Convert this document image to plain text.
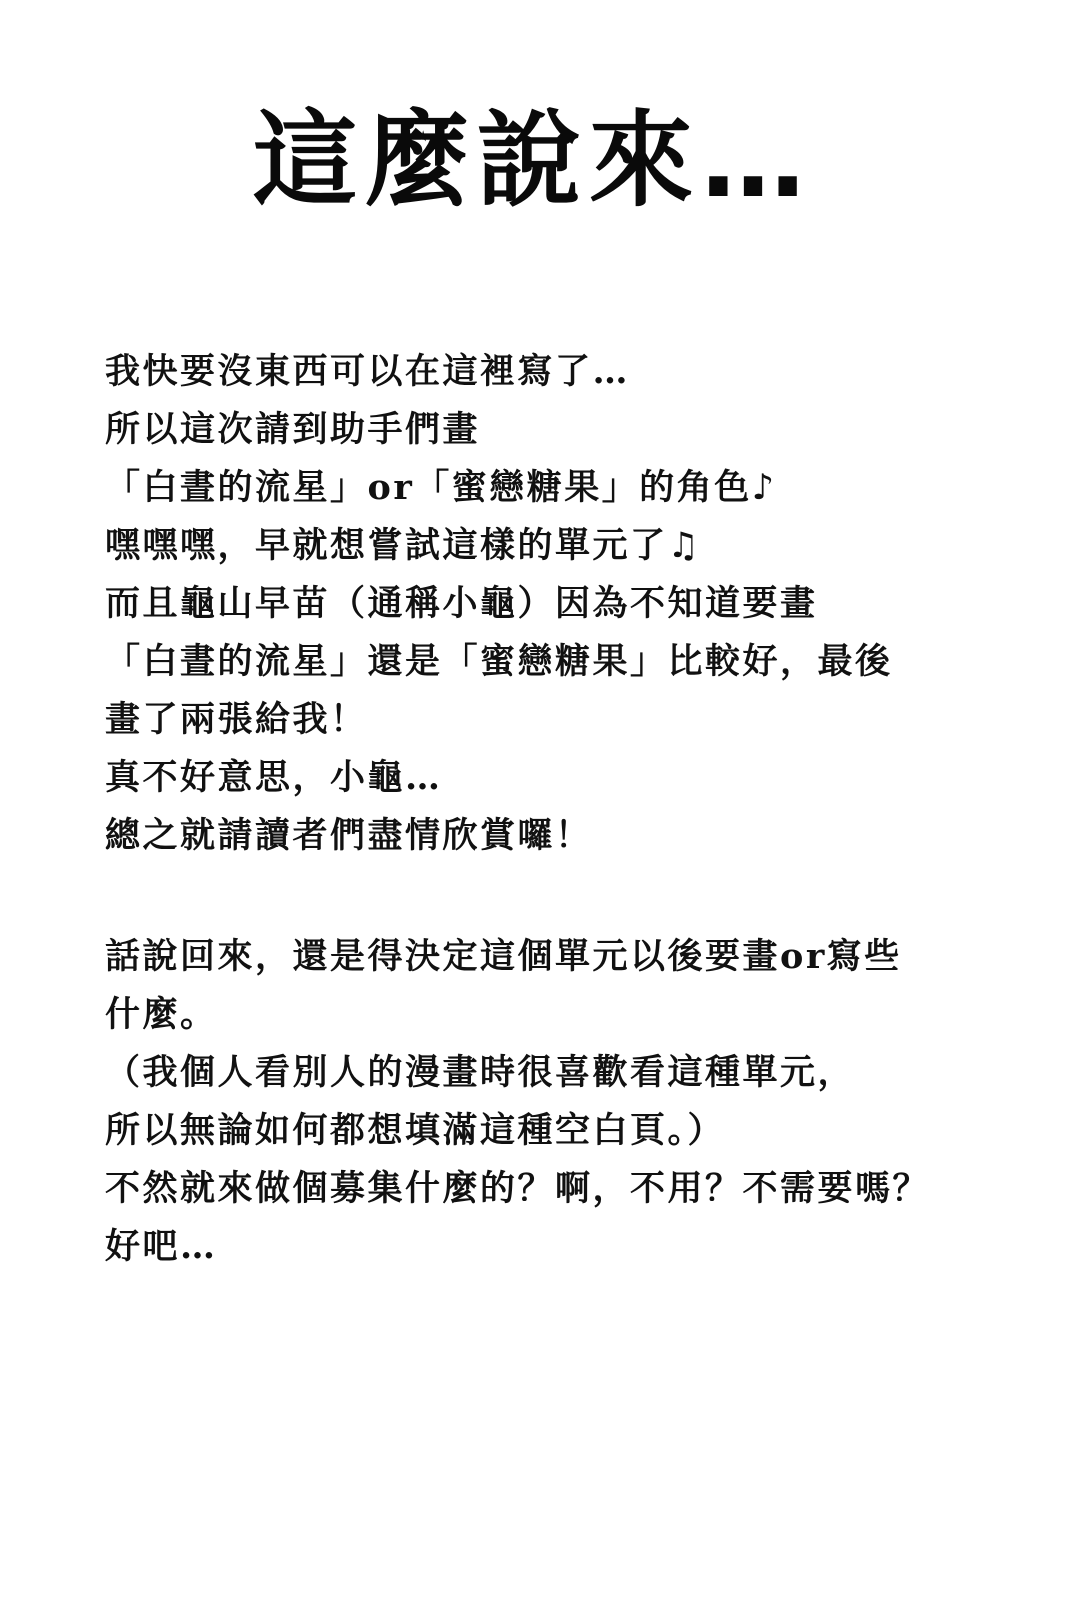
這麼說來…
我快要沒東西可以在這裡寫了…
所以這次請到助手們畫
「白晝的流星」or「蜜戀糖果」的角色♪
嘿嘿嘿，早就想嘗試這樣的單元了♫
而且龜山早苗（通稱小龜）因為不知道要畫
「白晝的流星」還是「蜜戀糖果」比較好，最後
畫了兩張給我！
真不好意思，小龜…
總之就請讀者們盡情欣賞囉！
話說回來，還是得決定這個單元以後要畫or寫些
什麼。
（我個人看別人的漫畫時很喜歡看這種單元，
所以無論如何都想填滿這種空白頁。）
不然就來做個募集什麼的？啊，不用？不需要嗎？
好吧…
